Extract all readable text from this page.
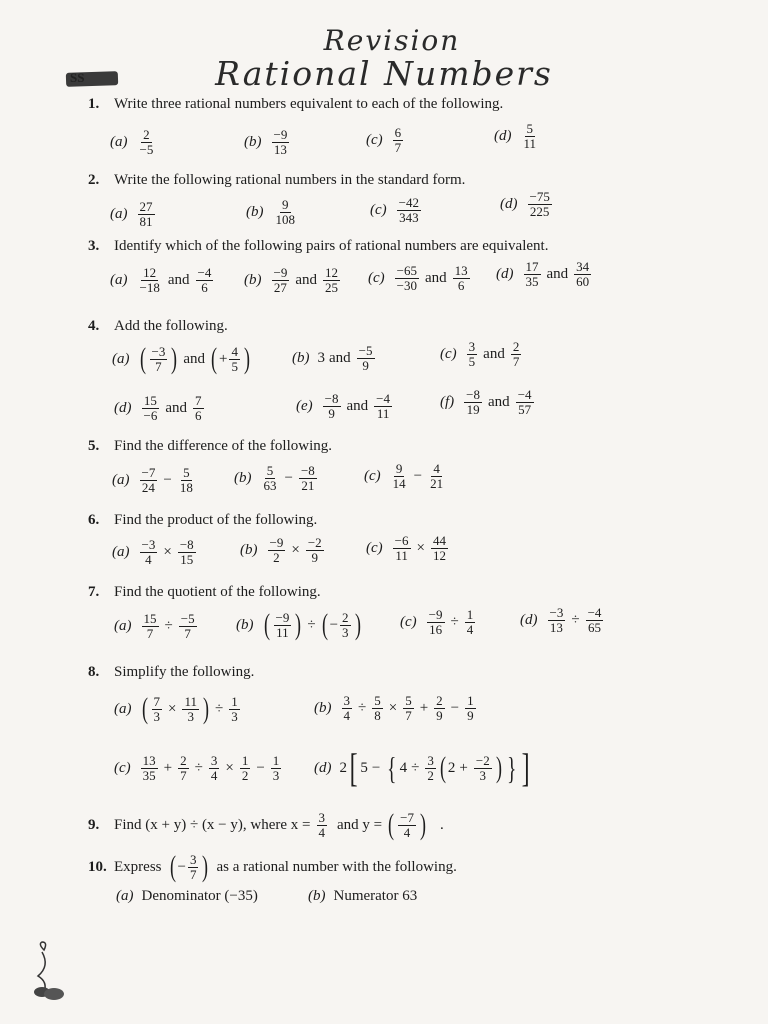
Revision
Rational Numbers
SS
1. Write three rational numbers equivalent to each of the following.
$(a) \frac{2}{-5}$	$(b) \frac{-9}{13}$	$(c) \frac{6}{7}$	$(d) \frac{5}{11}$
2. Write the following rational numbers in the standard form.
$(a) \frac{27}{81}$	$(b) \frac{9}{108}$	$(c) \frac{-42}{343}$	$(d) \frac{-75}{225}$
3. Identify which of the following pairs of rational numbers are equivalent.
$(a) \frac{12}{-18}$ and $\frac{-4}{6} (b) \frac{-9}{27}$ and $\frac{12}{25} (c) \frac{-65}{-30}$ and $\frac{13}{6} (d) \frac{17}{35}$ and $\frac{34}{60}$
4. Add the following.
(a) ( $\frac{-3}{7}$ ) and ( + $\frac{4}{5}$ )	(b) 3 and $\frac{-5}{9}$	$(c) \frac{3}{5}$ and $\frac{2}{7}$
$(d) \frac{15}{-6}$ and $\frac{7}{6}$	$(e) \frac{-8}{9}$ and $\frac{-4}{11}$	$(f) \frac{-8}{19}$ and $\frac{-4}{57}$
5. Find the difference of the following.
$(a) \frac{-7}{24} - \frac{5}{18}$	$(b) \frac{5}{63} - \frac{-8}{21}$	$(c) \frac{9}{14} - \frac{4}{21}$
6. Find the product of the following.
$(a) \frac{-3}{4} \times \frac{-8}{15}$	$(b) \frac{-9}{2} \times \frac{-2}{9}$	$(c) \frac{-6}{11} \times \frac{44}{12}$
7. Find the quotient of the following.
$(a) \frac{15}{7} \div \frac{-5}{7}$	(b) ( $\frac{-9}{11}$ ) ÷ ( − $\frac{2}{3}$ )	$(c) \frac{-9}{16} \div \frac{1}{4}$	$(d) \frac{-3}{13} \div \frac{-4}{65}$
8. Simplify the following.
(a) ( $\frac{7}{3} \times \frac{11}{3}$ ) ÷ $\frac{1}{3}$	$(b) \frac{3}{4} \div \frac{5}{8} \times \frac{5}{7} + \frac{2}{9} - \frac{1}{9}$
$(c) \frac{13}{35} + \frac{2}{7} \div \frac{3}{4} \times \frac{1}{2} - \frac{1}{3} (d)$ 2 [ 5 − { $4 \div \frac{3}{2}$ ( $2 + \frac{-2}{3}$ ) } ]
9. Find (x + y) ÷ (x − y), where $x = \frac{3}{4}$ and y = ( $\frac{-7}{4}$ ) .
10. Express ( − $\frac{3}{7}$ ) as a rational number with the following.
(a) Denominator (−35)	(b) Numerator 63
